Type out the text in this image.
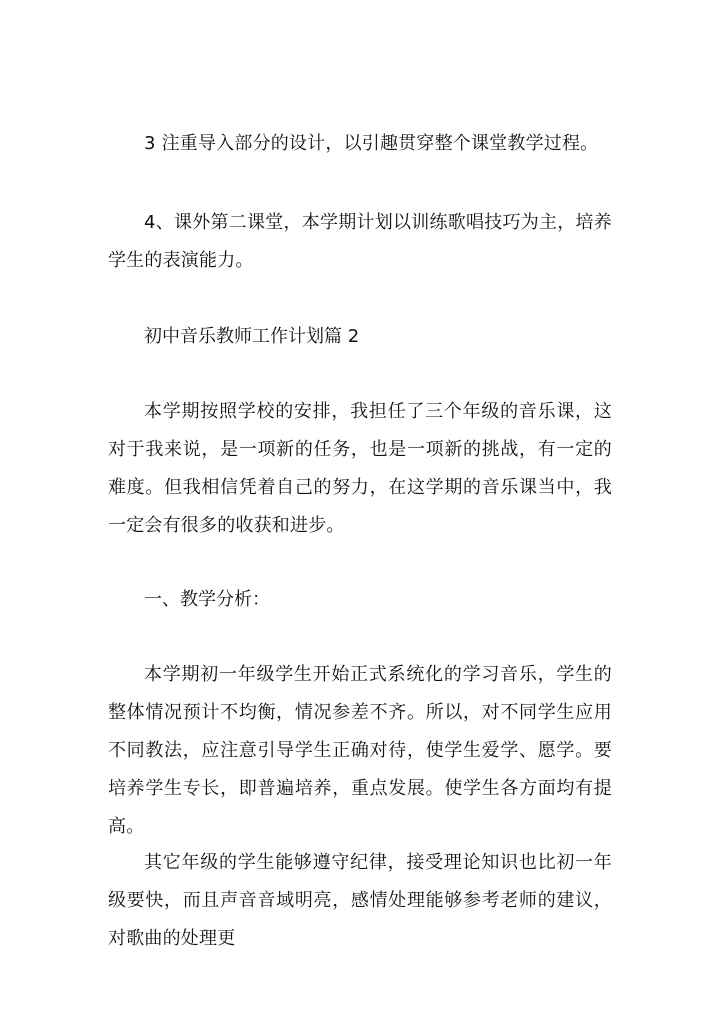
3 注重导入部分的设计，以引趣贯穿整个课堂教学过程。

4、课外第二课堂，本学期计划以训练歌唱技巧为主，培养学生的表演能力。

初中音乐教师工作计划篇 2

本学期按照学校的安排，我担任了三个年级的音乐课，这对于我来说，是一项新的任务，也是一项新的挑战，有一定的难度。但我相信凭着自己的努力，在这学期的音乐课当中，我一定会有很多的收获和进步。

一、教学分析：

本学期初一年级学生开始正式系统化的学习音乐，学生的整体情况预计不均衡，情况参差不齐。所以，对不同学生应用不同教法，应注意引导学生正确对待，使学生爱学、愿学。要培养学生专长，即普遍培养，重点发展。使学生各方面均有提高。

其它年级的学生能够遵守纪律，接受理论知识也比初一年级要快，而且声音音域明亮，感情处理能够参考老师的建议，对歌曲的处理更
